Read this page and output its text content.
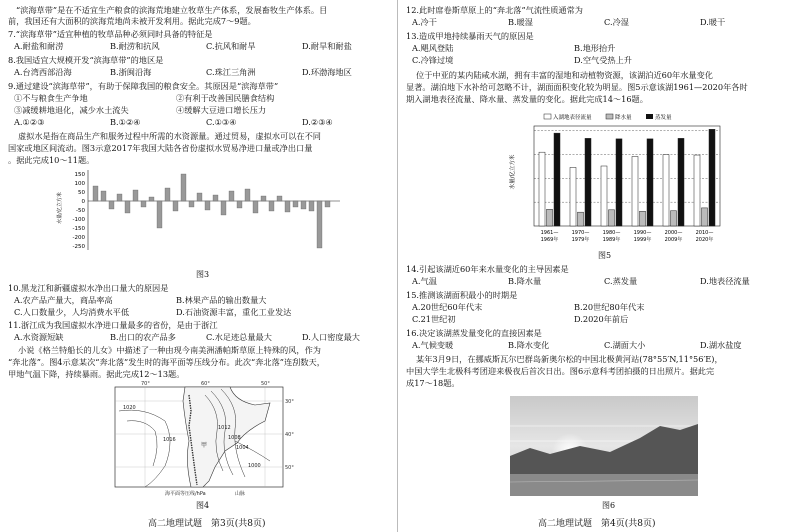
“滨海草带”是在不适宜生产粮食的滨海荒地建立牧草生产体系，发展畜牧生产体系。目
前，我国还有大面积的滨海荒地尚未被开发利用。据此完成7～9题。
7.“滨海草带”适宜种植的牧草品种必须同时具备的特征是
A.耐盐和耐涝	B.耐涝和抗风	C.抗风和耐旱	D.耐旱和耐盐
8.我国适宜大规模开发“滨海草带”的地区是
A.台湾西部沿海	B.浙闽沿海	C.珠江三角洲	D.环渤海地区
9.通过建设“滨海草带”，有助于保障我国的粮食安全。其原因是“滨海草带”
①不与粮食生产争地	②有利于改善国民膳食结构
③减缓耕地退化，减少水土流失	④缓解大豆进口增长压力
A.①②③	B.①②④	C.①③④	D.②③④
虚拟水是指在商品生产和服务过程中所需的水资源量。通过贸易，虚拟水可以在不同
国家或地区间流动。图3示意2017年我国大陆各省份虚拟水贸易净进口量或净出口量
。据此完成10～11题。
水量/亿立方米
150
100
50
0
-50
-100
-150
-200
-250
图3
10.黑龙江和新疆虚拟水净出口量大的原因是
A.农产品产量大，商品率高	B.林果产品的输出数量大
C.人口数量少，人均消费水平低	D.石油资源丰富，重化工业发达
11.浙江成为我国虚拟水净进口量最多的省份，是由于浙江
A.水资源短缺	B.出口的农产品多	C.水足迹总量最大	D.人口密度最大
小说《格兰特船长的儿女》中描述了一种由现今南美洲潘帕斯草原上特殊的风，作为
“奔北落”。图4示意某次“奔北落”发生时的海平面等压线分布。此次“奔北落”连刮数天，
甲地气温下降，持续暴雨。据此完成12～13题。
70°	60°	50°
30°
40°
50°
1020
1016
1012
1008
1004
1000
甲
海平面等压线/hPa	山脉
图4
高二地理试题　第3页(共8页)
12.此时席卷斯草原上的“奔北落”气流性质通常为
A.冷干	B.暖湿	C.冷湿	D.暖干
13.造成甲地持续暴雨天气的原因是
A.飓风登陆	B.地形抬升
C.冷锋过境	D.空气受热上升
位于中亚的某内陆咸水湖，拥有丰富的湿地和动植物资源，该湖泊近60年水量变化
显著。湖泊地下水补给可忽略不计，湖面面积变化较为明显。图5示意该湖1961—2020年各时
期入湖地表径流量、降水量、蒸发量的变化。据此完成14～16题。
水量/亿立方米
入湖地表径流量	降水量	蒸发量
1961—
1969年
1970—
1979年
1980—
1989年
1990—
1999年
2000—
2009年
2010—
2020年
图5
14.引起该湖近60年来水量变化的主导因素是
A.气温	B.降水量	C.蒸发量	D.地表径流量
15.推测该湖面积最小的时期是
A.20世纪60年代末	B.20世纪80年代末
C.21世纪初	D.2020年前后
16.决定该湖蒸发量变化的直接因素是
A.气候变暖	B.降水变化	C.湖面大小	D.湖水盐度
某年3月9日，在挪威斯瓦尔巴群岛新奥尔松的中国北极黄河站(78°55′N,11°56′E)，
中国大学生北极科考团迎来极夜后首次日出。图6示意科考团拍摄的日出照片。据此完
成17～18题。
图6
高二地理试题　第4页(共8页)
